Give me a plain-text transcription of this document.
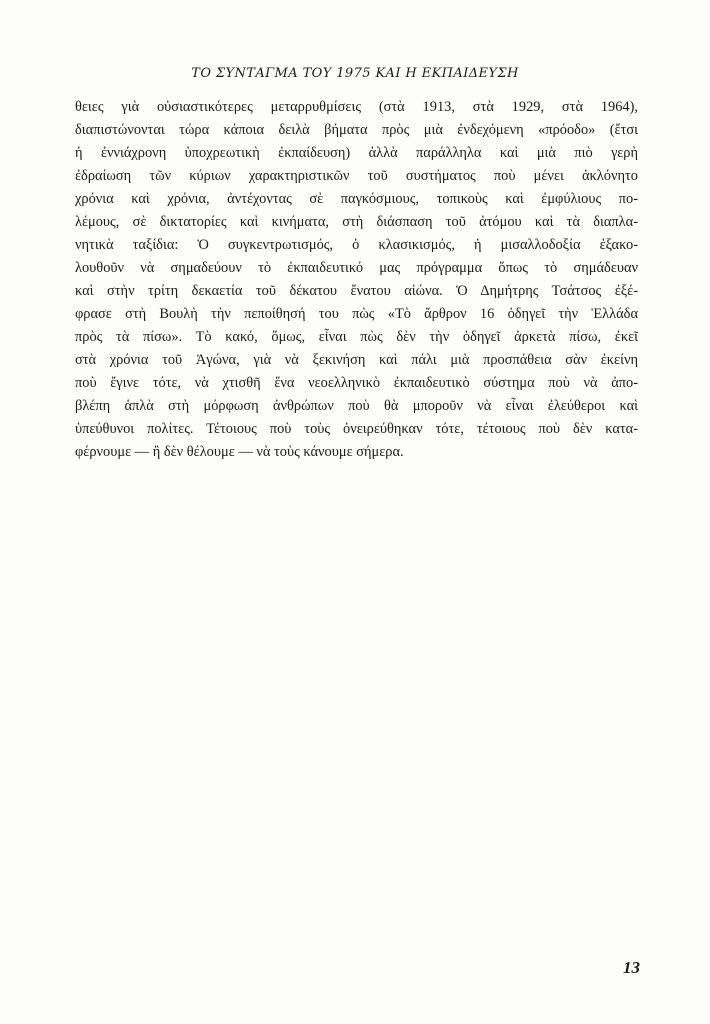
ΤΟ ΣΥΝΤΑΓΜΑ ΤΟΥ 1975 ΚΑΙ Η ΕΚΠΑΙΔΕΥΣΗ
θειες γιὰ οὐσιαστικότερες μεταρρυθμίσεις (στὰ 1913, στὰ 1929, στὰ 1964),
διαπιστώνονται τώρα κάποια δειλὰ βήματα πρὸς μιὰ ἐνδεχόμενη «πρόοδο» (ἔτσι
ἡ ἐννιάχρονη ὑποχρεωτικὴ ἐκπαίδευση) ἀλλὰ παράλληλα καὶ μιὰ πιὸ γερὴ
ἐδραίωση τῶν κύριων χαρακτηριστικῶν τοῦ συστήματος ποὺ μένει ἀκλόνητο
χρόνια καὶ χρόνια, ἀντέχοντας σὲ παγκόσμιους, τοπικοὺς καὶ ἐμφύλιους πο-
λέμους, σὲ δικτατορίες καὶ κινήματα, στὴ διάσπαση τοῦ ἀτόμου καὶ τὰ διαπλα-
νητικὰ ταξίδια: Ὁ συγκεντρωτισμός, ὁ κλασικισμός, ἡ μισαλλοδοξία ἐξακο-
λουθοῦν νὰ σημαδεύουν τὸ ἐκπαιδευτικό μας πρόγραμμα ὅπως τὸ σημάδευαν
καὶ στὴν τρίτη δεκαετία τοῦ δέκατου ἔνατου αἰώνα. Ὁ Δημήτρης Τσάτσος ἐξέ-
φρασε στὴ Βουλὴ τὴν πεποίθησή του πὼς «Τὸ ἄρθρον 16 ὁδηγεῖ τὴν Ἑλλάδα
πρὸς τὰ πίσω». Τὸ κακό, ὅμως, εἶναι πὼς δὲν τὴν ὁδηγεῖ ἀρκετὰ πίσω, ἐκεῖ
στὰ χρόνια τοῦ Ἀγώνα, γιὰ νὰ ξεκινήση καὶ πάλι μιὰ προσπάθεια σὰν ἐκείνη
ποὺ ἔγινε τότε, νὰ χτισθῆ ἕνα νεοελληνικὸ ἐκπαιδευτικὸ σύστημα ποὺ νὰ ἀπο-
βλέπη ἁπλὰ στὴ μόρφωση ἀνθρώπων ποὺ θὰ μποροῦν νὰ εἶναι ἐλεύθεροι καὶ
ὑπεύθυνοι πολίτες. Τέτοιους ποὺ τοὺς ὀνειρεύθηκαν τότε, τέτοιους ποὺ δὲν κατα-
φέρνουμε — ἢ δὲν θέλουμε — νὰ τοὺς κάνουμε σήμερα.
13
